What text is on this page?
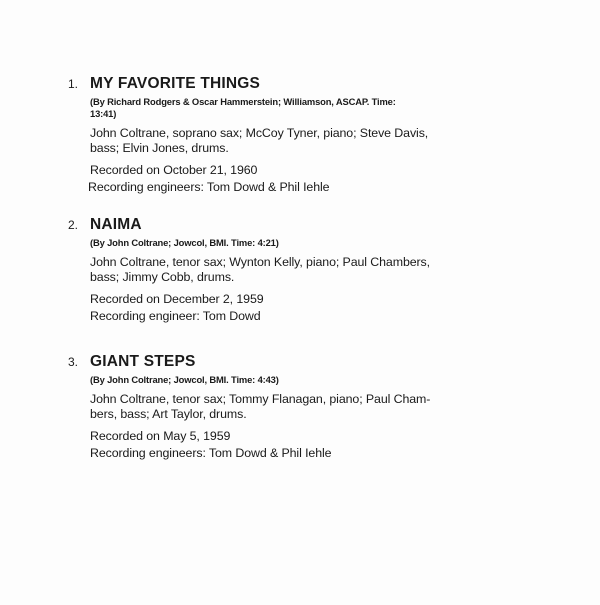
1. MY FAVORITE THINGS
(By Richard Rodgers & Oscar Hammerstein; Williamson, ASCAP. Time:
13:41)
John Coltrane, soprano sax; McCoy Tyner, piano; Steve Davis,
bass; Elvin Jones, drums.
Recorded on October 21, 1960
Recording engineers: Tom Dowd & Phil Iehle
2. NAIMA
(By John Coltrane; Jowcol, BMI. Time: 4:21)
John Coltrane, tenor sax; Wynton Kelly, piano; Paul Chambers,
bass; Jimmy Cobb, drums.
Recorded on December 2, 1959
Recording engineer: Tom Dowd
3. GIANT STEPS
(By John Coltrane; Jowcol, BMI. Time: 4:43)
John Coltrane, tenor sax; Tommy Flanagan, piano; Paul Cham-
bers, bass; Art Taylor, drums.
Recorded on May 5, 1959
Recording engineers: Tom Dowd & Phil Iehle
